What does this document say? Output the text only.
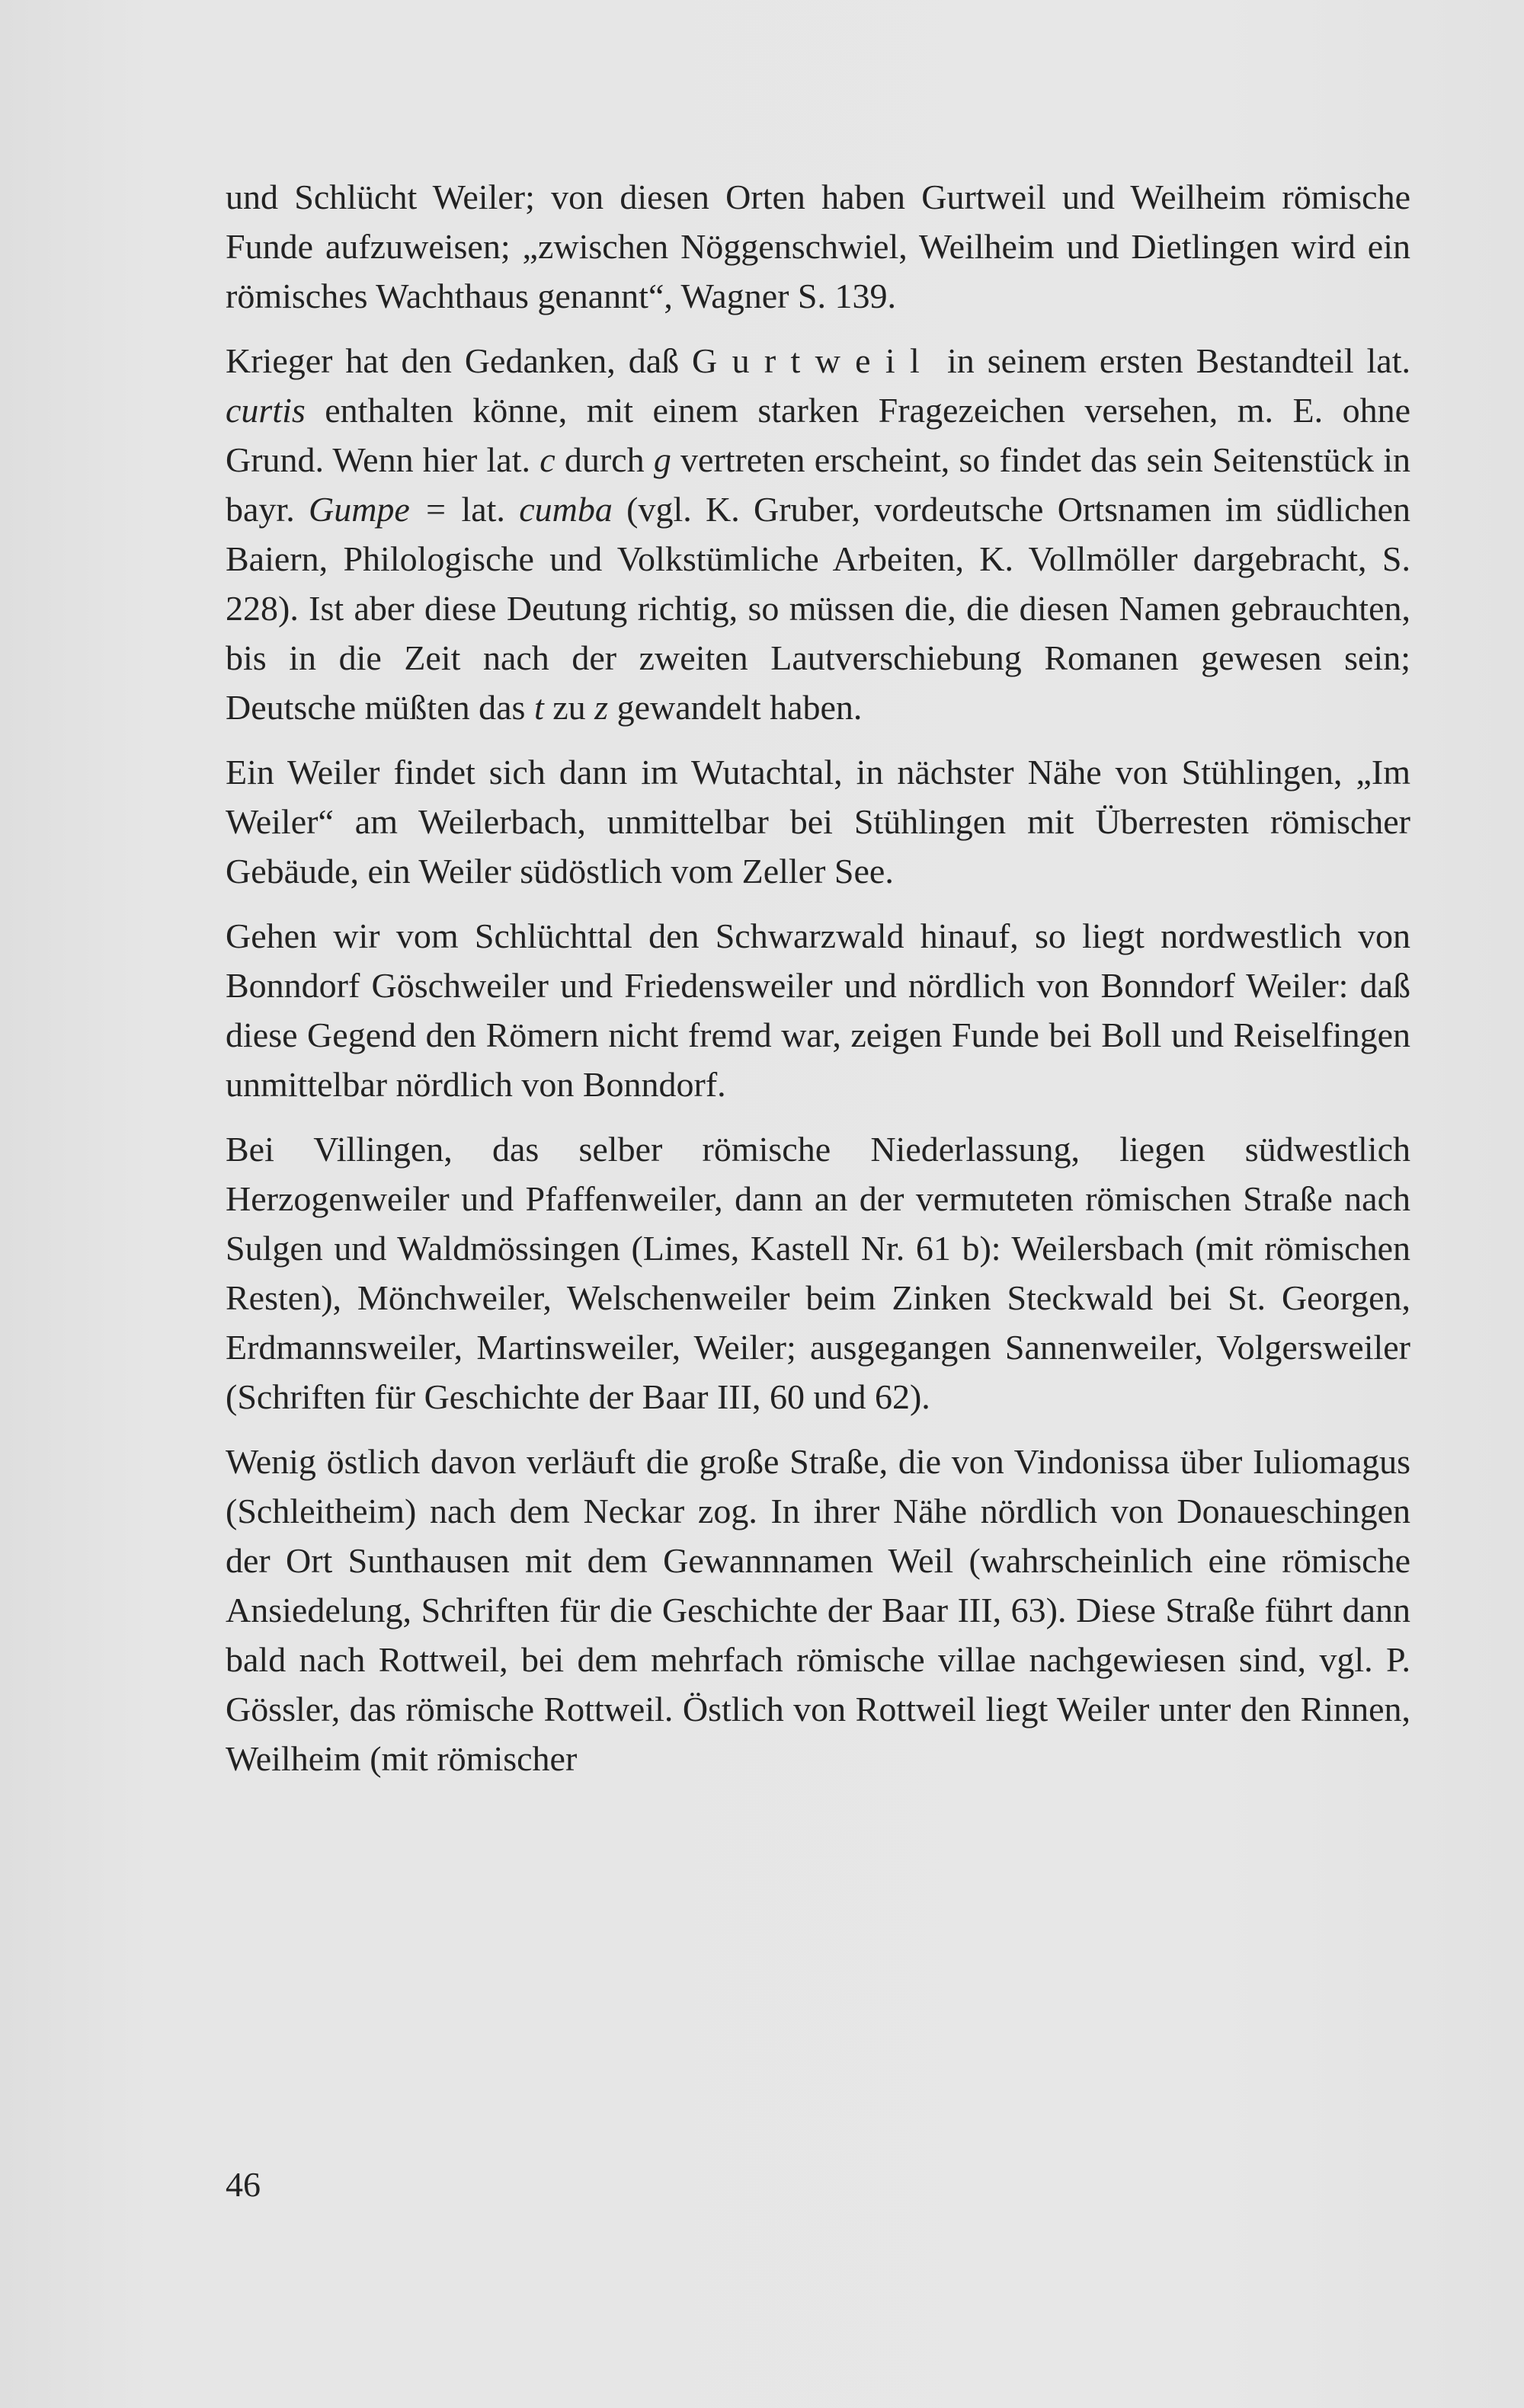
und Schlücht Weiler; von diesen Orten haben Gurtweil und Weilheim römische Funde aufzuweisen; „zwischen Nöggenschwiel, Weilheim und Dietlingen wird ein römisches Wachthaus genannt“, Wagner S. 139.

Krieger hat den Gedanken, daß Gurtweil in seinem ersten Bestandteil lat. curtis enthalten könne, mit einem starken Fragezeichen versehen, m. E. ohne Grund. Wenn hier lat. c durch g vertreten erscheint, so findet das sein Seitenstück in bayr. Gumpe = lat. cumba (vgl. K. Gruber, vordeutsche Ortsnamen im südlichen Baiern, Philologische und Volkstümliche Arbeiten, K. Vollmöller dargebracht, S. 228). Ist aber diese Deutung richtig, so müssen die, die diesen Namen gebrauchten, bis in die Zeit nach der zweiten Lautverschiebung Romanen gewesen sein; Deutsche müßten das t zu z gewandelt haben.

Ein Weiler findet sich dann im Wutachtal, in nächster Nähe von Stühlingen, „Im Weiler“ am Weilerbach, unmittelbar bei Stühlingen mit Überresten römischer Gebäude, ein Weiler südöstlich vom Zeller See.

Gehen wir vom Schlüchttal den Schwarzwald hinauf, so liegt nordwestlich von Bonndorf Göschweiler und Friedensweiler und nördlich von Bonndorf Weiler: daß diese Gegend den Römern nicht fremd war, zeigen Funde bei Boll und Reiselfingen unmittelbar nördlich von Bonndorf.

Bei Villingen, das selber römische Niederlassung, liegen südwestlich Herzogenweiler und Pfaffenweiler, dann an der vermuteten römischen Straße nach Sulgen und Waldmössingen (Limes, Kastell Nr. 61 b): Weilersbach (mit römischen Resten), Mönchweiler, Welschenweiler beim Zinken Steckwald bei St. Georgen, Erdmannsweiler, Martinsweiler, Weiler; ausgegangen Sannenweiler, Volgersweiler (Schriften für Geschichte der Baar III, 60 und 62).

Wenig östlich davon verläuft die große Straße, die von Vindonissa über Iuliomagus (Schleitheim) nach dem Neckar zog. In ihrer Nähe nördlich von Donaueschingen der Ort Sunthausen mit dem Gewannnamen Weil (wahrscheinlich eine römische Ansiedelung, Schriften für die Geschichte der Baar III, 63). Diese Straße führt dann bald nach Rottweil, bei dem mehrfach römische villae nachgewiesen sind, vgl. P. Gössler, das römische Rottweil. Östlich von Rottweil liegt Weiler unter den Rinnen, Weilheim (mit römischer

46
